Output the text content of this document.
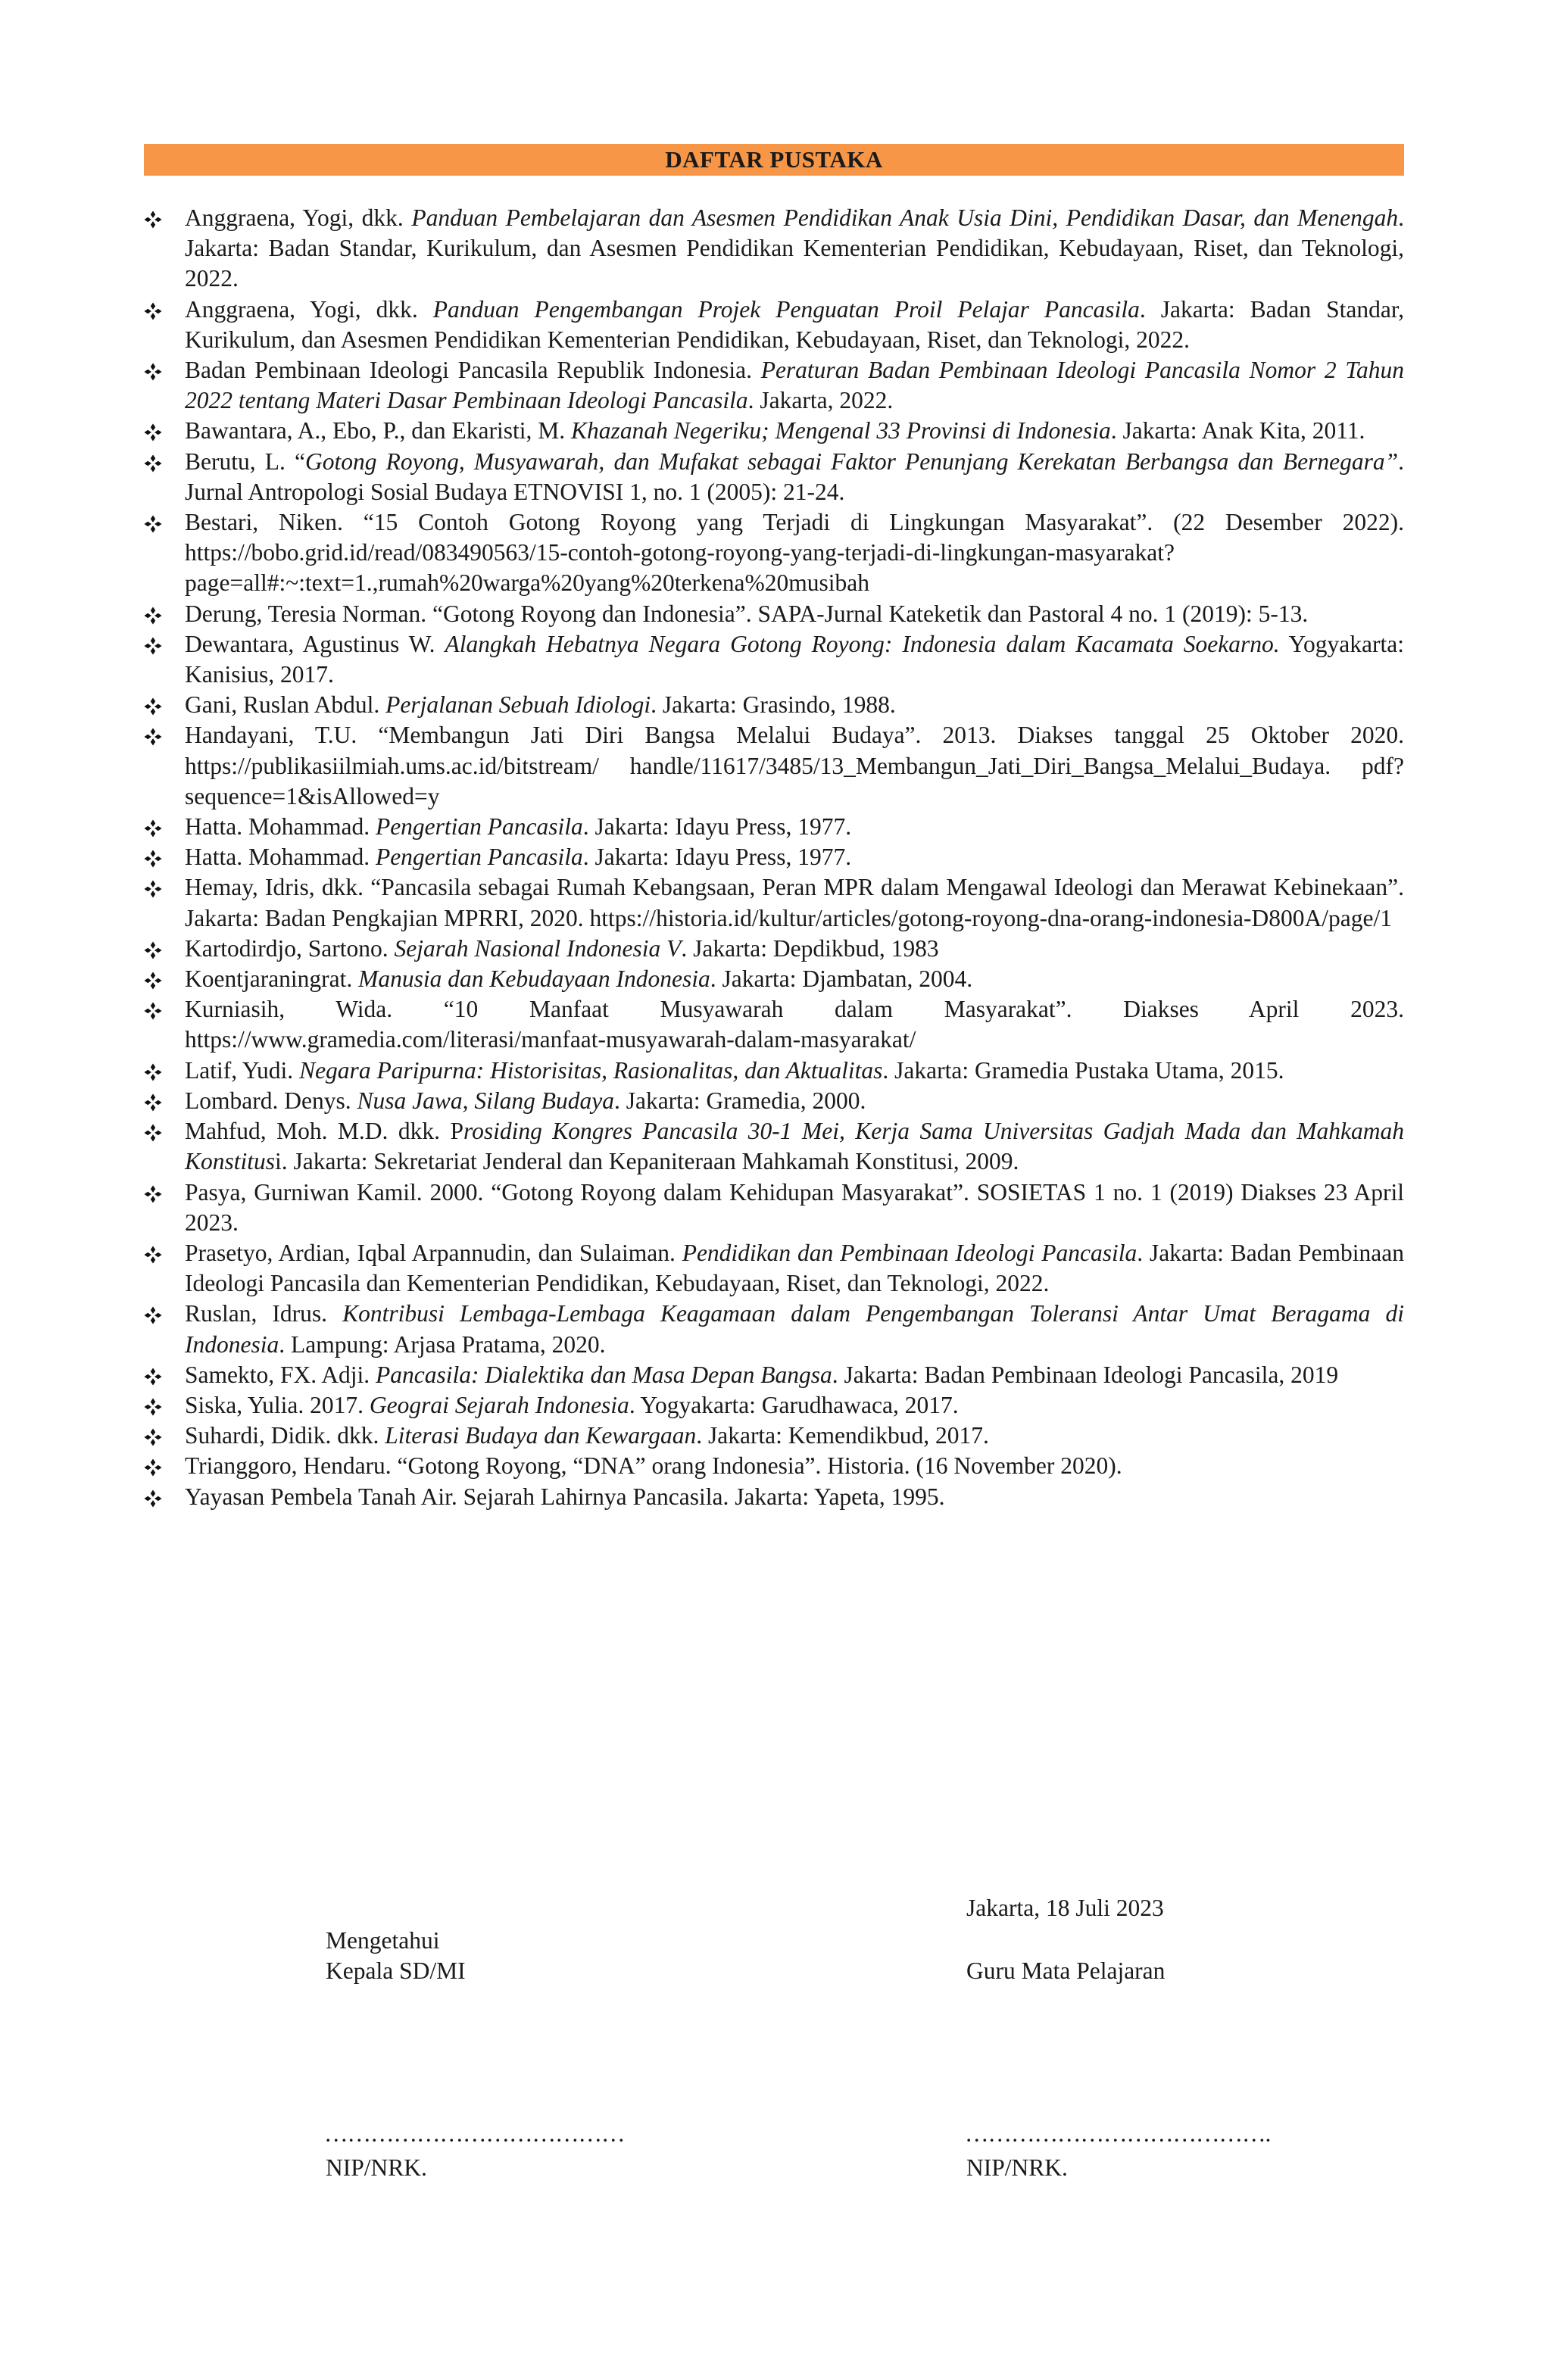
DAFTAR PUSTAKA
Anggraena, Yogi, dkk. Panduan Pembelajaran dan Asesmen Pendidikan Anak Usia Dini, Pendidikan Dasar, dan Menengah. Jakarta: Badan Standar, Kurikulum, dan Asesmen Pendidikan Kementerian Pendidikan, Kebudayaan, Riset, dan Teknologi, 2022.
Anggraena, Yogi, dkk. Panduan Pengembangan Projek Penguatan Proil Pelajar Pancasila. Jakarta: Badan Standar, Kurikulum, dan Asesmen Pendidikan Kementerian Pendidikan, Kebudayaan, Riset, dan Teknologi, 2022.
Badan Pembinaan Ideologi Pancasila Republik Indonesia. Peraturan Badan Pembinaan Ideologi Pancasila Nomor 2 Tahun 2022 tentang Materi Dasar Pembinaan Ideologi Pancasila. Jakarta, 2022.
Bawantara, A., Ebo, P., dan Ekaristi, M. Khazanah Negeriku; Mengenal 33 Provinsi di Indonesia. Jakarta: Anak Kita, 2011.
Berutu, L. “Gotong Royong, Musyawarah, dan Mufakat sebagai Faktor Penunjang Kerekatan Berbangsa dan Bernegara”. Jurnal Antropologi Sosial Budaya ETNOVISI 1, no. 1 (2005): 21-24.
Bestari, Niken. “15 Contoh Gotong Royong yang Terjadi di Lingkungan Masyarakat”. (22 Desember 2022). https://bobo.grid.id/read/083490563/15-contoh-gotong-royong-yang-terjadi-di-lingkungan-masyarakat?page=all#:~:text=1.,rumah%20warga%20yang%20terkena%20musibah
Derung, Teresia Norman. “Gotong Royong dan Indonesia”. SAPA-Jurnal Kateketik dan Pastoral 4 no. 1 (2019): 5-13.
Dewantara, Agustinus W. Alangkah Hebatnya Negara Gotong Royong: Indonesia dalam Kacamata Soekarno. Yogyakarta: Kanisius, 2017.
Gani, Ruslan Abdul. Perjalanan Sebuah Idiologi. Jakarta: Grasindo, 1988.
Handayani, T.U. “Membangun Jati Diri Bangsa Melalui Budaya”. 2013. Diakses tanggal 25 Oktober 2020. https://publikasiilmiah.ums.ac.id/bitstream/ handle/11617/3485/13_Membangun_Jati_Diri_Bangsa_Melalui_Budaya. pdf? sequence=1&isAllowed=y
Hatta. Mohammad. Pengertian Pancasila. Jakarta: Idayu Press, 1977.
Hatta. Mohammad. Pengertian Pancasila. Jakarta: Idayu Press, 1977.
Hemay, Idris, dkk. “Pancasila sebagai Rumah Kebangsaan, Peran MPR dalam Mengawal Ideologi dan Merawat Kebinekaan”. Jakarta: Badan Pengkajian MPRRI, 2020. https://historia.id/kultur/articles/gotong-royong-dna-orang-indonesia-D800A/page/1
Kartodirdjo, Sartono. Sejarah Nasional Indonesia V. Jakarta: Depdikbud, 1983
Koentjaraningrat. Manusia dan Kebudayaan Indonesia. Jakarta: Djambatan, 2004.
Kurniasih, Wida. “10 Manfaat Musyawarah dalam Masyarakat”. Diakses April 2023. https://www.gramedia.com/literasi/manfaat-musyawarah-dalam-masyarakat/
Latif, Yudi. Negara Paripurna: Historisitas, Rasionalitas, dan Aktualitas. Jakarta: Gramedia Pustaka Utama, 2015.
Lombard. Denys. Nusa Jawa, Silang Budaya. Jakarta: Gramedia, 2000.
Mahfud, Moh. M.D. dkk. Prosiding Kongres Pancasila 30-1 Mei, Kerja Sama Universitas Gadjah Mada dan Mahkamah Konstitusi. Jakarta: Sekretariat Jenderal dan Kepaniteraan Mahkamah Konstitusi, 2009.
Pasya, Gurniwan Kamil. 2000. “Gotong Royong dalam Kehidupan Masyarakat”. SOSIETAS 1 no. 1 (2019) Diakses 23 April 2023.
Prasetyo, Ardian, Iqbal Arpannudin, dan Sulaiman. Pendidikan dan Pembinaan Ideologi Pancasila. Jakarta: Badan Pembinaan Ideologi Pancasila dan Kementerian Pendidikan, Kebudayaan, Riset, dan Teknologi, 2022.
Ruslan, Idrus. Kontribusi Lembaga-Lembaga Keagamaan dalam Pengembangan Toleransi Antar Umat Beragama di Indonesia. Lampung: Arjasa Pratama, 2020.
Samekto, FX. Adji. Pancasila: Dialektika dan Masa Depan Bangsa. Jakarta: Badan Pembinaan Ideologi Pancasila, 2019
Siska, Yulia. 2017. Geograi Sejarah Indonesia. Yogyakarta: Garudhawaca, 2017.
Suhardi, Didik. dkk. Literasi Budaya dan Kewargaan. Jakarta: Kemendikbud, 2017.
Trianggoro, Hendaru. “Gotong Royong, “DNA” orang Indonesia”. Historia. (16 November 2020).
Yayasan Pembela Tanah Air. Sejarah Lahirnya Pancasila. Jakarta: Yapeta, 1995.
Jakarta, 18 Juli 2023
Mengetahui
Kepala SD/MI	Guru Mata Pelajaran
…………………………………	………………………………….
NIP/NRK.	NIP/NRK.
